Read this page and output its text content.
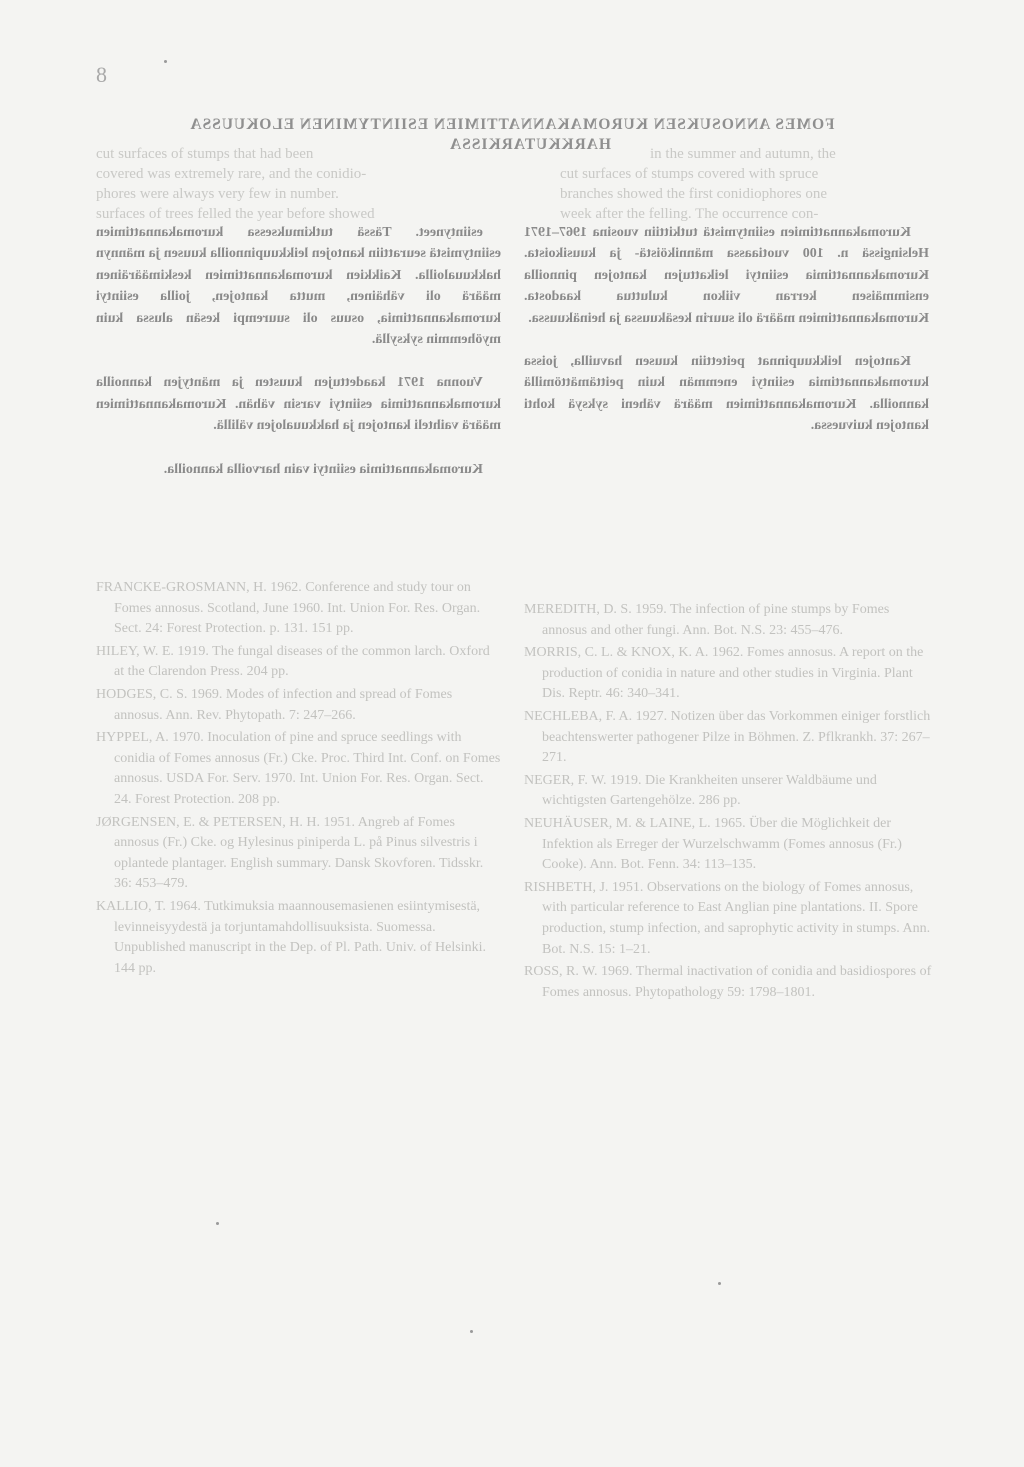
8
FOMES ANNOSUKSEN KUROMAKANNATTIMIEN ESIINTYMINEN ELOKUUSSA
HARKKUTARKISSA
cut surfaces of stumps that had been
covered was extremely rare, and the conidio-
phores were always very few in number.
surfaces of trees felled the year before showed
in the summer and autumn, the
cut surfaces of stumps covered with spruce
branches showed the first conidiophores one
week after the felling. The occurrence con-

esiintyneet. Tässä tutkimuksessa kuromakannattimien esiintymistä seurattiin kantojen leikkuupinnoilla kuusen ja männyn hakkuualoilla. Kaikkien kuromakannattimien keskimääräinen määrä oli vähäinen, mutta kantojen, joilla esiintyi kuromakannattimia, osuus oli suurempi kesän alussa kuin myöhemmin syksyllä.

Vuonna 1971 kaadettujen kuusten ja mäntyjen kannoilla kuromakannattimia esiintyi varsin vähän. Kuromakannattimien määrä vaihteli kantojen ja hakkuualojen välillä.

Kuromakannattimia esiintyi vain harvoilla kannoilla.

Kuromakannattimien esiintymistä tutkittiin vuosina 1967–1971 Helsingissä n. 100 vuotiaassa männiköistä- ja kuusikoista. Kuromakannattimia esiintyi leikattujen kantojen pinnoilla ensimmäisen kerran viikon kuluttua kaadosta. Kuromakannattimien määrä oli suurin kesäkuussa ja heinäkuussa.

Kantojen leikkuupinnat peitettiin kuusen havuilla, joissa kuromakannattimia esiintyi enemmän kuin peittämättömillä kannoilla. Kuromakannattimien määrä väheni syksyä kohti kantojen kuivuessa.

FRANCKE-GROSMANN, H. 1962. Conference and study tour on Fomes annosus. Scotland, June 1960. Int. Union For. Res. Organ. Sect. 24: Forest Protection. p. 131. 151 pp.

HILEY, W. E. 1919. The fungal diseases of the common larch. Oxford at the Clarendon Press. 204 pp.

HODGES, C. S. 1969. Modes of infection and spread of Fomes annosus. Ann. Rev. Phytopath. 7: 247–266.

HYPPEL, A. 1970. Inoculation of pine and spruce seedlings with conidia of Fomes annosus (Fr.) Cke. Proc. Third Int. Conf. on Fomes annosus. USDA For. Serv. 1970. Int. Union For. Res. Organ. Sect. 24. Forest Protection. 208 pp.

JØRGENSEN, E. & PETERSEN, H. H. 1951. Angreb af Fomes annosus (Fr.) Cke. og Hylesinus piniperda L. på Pinus silvestris i oplantede plantager. English summary. Dansk Skovforen. Tidsskr. 36: 453–479.

KALLIO, T. 1964. Tutkimuksia maannousemasienen esiintymisestä, levinneisyydestä ja torjuntamahdollisuuksista. Suomessa. Unpublished manuscript in the Dep. of Pl. Path. Univ. of Helsinki. 144 pp.

MEREDITH, D. S. 1959. The infection of pine stumps by Fomes annosus and other fungi. Ann. Bot. N.S. 23: 455–476.

MORRIS, C. L. & KNOX, K. A. 1962. Fomes annosus. A report on the production of conidia in nature and other studies in Virginia. Plant Dis. Reptr. 46: 340–341.

NECHLEBA, F. A. 1927. Notizen über das Vorkommen einiger forstlich beachtenswerter pathogener Pilze in Böhmen. Z. Pflkrankh. 37: 267–271.

NEGER, F. W. 1919. Die Krankheiten unserer Waldbäume und wichtigsten Gartengehölze. 286 pp.

NEUHÄUSER, M. & LAINE, L. 1965. Über die Möglichkeit der Infektion als Erreger der Wurzelschwamm (Fomes annosus (Fr.) Cooke). Ann. Bot. Fenn. 34: 113–135.

RISHBETH, J. 1951. Observations on the biology of Fomes annosus, with particular reference to East Anglian pine plantations. II. Spore production, stump infection, and saprophytic activity in stumps. Ann. Bot. N.S. 15: 1–21.

ROSS, R. W. 1969. Thermal inactivation of conidia and basidiospores of Fomes annosus. Phytopathology 59: 1798–1801.
